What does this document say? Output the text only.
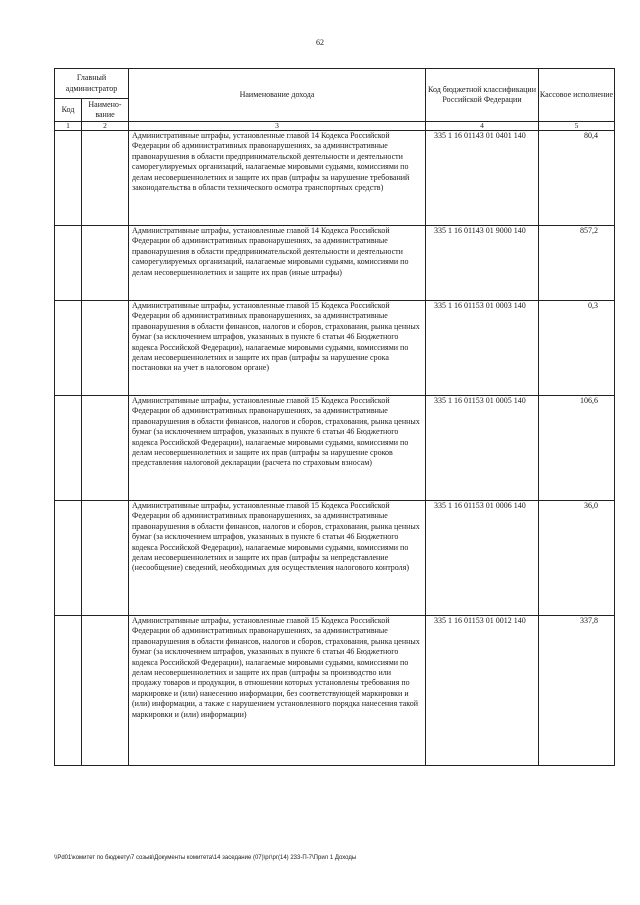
62
Главный администратор		Наименование дохода	Код бюджетной классификации Российской Федерации	Кассовое исполнение
Код	Наимено-вание			
1	2	3	4	5
		Административные штрафы, установленные главой 14 Кодекса Российской Федерации об административных правонарушениях, за административные правонарушения в области предпринимательской деятельности и деятельности саморегулируемых организаций, налагаемые мировыми судьями, комиссиями по делам несовершеннолетних и защите их прав (штрафы за нарушение требований законодательства в области технического осмотра транспортных средств)	335 1 16 01143 01 0401 140	80,4
		Административные штрафы, установленные главой 14 Кодекса Российской Федерации об административных правонарушениях, за административные правонарушения в области предпринимательской деятельности и деятельности саморегулируемых организаций, налагаемые мировыми судьями, комиссиями по делам несовершеннолетних и защите их прав (иные штрафы)	335 1 16 01143 01 9000 140	857,2
		Административные штрафы, установленные главой 15 Кодекса Российской Федерации об административных правонарушениях, за административные правонарушения в области финансов, налогов и сборов, страхования, рынка ценных бумаг (за исключением штрафов, указанных в пункте 6 статьи 46 Бюджетного кодекса Российской Федерации), налагаемые мировыми судьями, комиссиями по делам несовершеннолетних и защите их прав (штрафы за нарушение срока постановки на учет в налоговом органе)	335 1 16 01153 01 0003 140	0,3
		Административные штрафы, установленные главой 15 Кодекса Российской Федерации об административных правонарушениях, за административные правонарушения в области финансов, налогов и сборов, страхования, рынка ценных бумаг (за исключением штрафов, указанных в пункте 6 статьи 46 Бюджетного кодекса Российской Федерации), налагаемые мировыми судьями, комиссиями по делам несовершеннолетних и защите их прав (штрафы за нарушение сроков представления налоговой декларации (расчета по страховым взносам)	335 1 16 01153 01 0005 140	106,6
		Административные штрафы, установленные главой 15 Кодекса Российской Федерации об административных правонарушениях, за административные правонарушения в области финансов, налогов и сборов, страхования, рынка ценных бумаг (за исключением штрафов, указанных в пункте 6 статьи 46 Бюджетного кодекса Российской Федерации), налагаемые мировыми судьями, комиссиями по делам несовершеннолетних и защите их прав (штрафы за непредставление (несообщение) сведений, необходимых для осуществления налогового контроля)	335 1 16 01153 01 0006 140	36,0
		Административные штрафы, установленные главой 15 Кодекса Российской Федерации об административных правонарушениях, за административные правонарушения в области финансов, налогов и сборов, страхования, рынка ценных бумаг (за исключением штрафов, указанных в пункте 6 статьи 46 Бюджетного кодекса Российской Федерации), налагаемые мировыми судьями, комиссиями по делам несовершеннолетних и защите их прав (штрафы за производство или продажу товаров и продукции, в отношении которых установлены требования по маркировке и (или) нанесению информации, без соответствующей маркировки и (или) информации, а также с нарушением установленного порядка нанесения такой маркировки и (или) информации)	335 1 16 01153 01 0012 140	337,8
\\Pd01\комитет по бюджету\7 созыв\Документы комитета\14 заседание (07)\рг\рг(14) 233-П-7\Прил 1 Доходы
